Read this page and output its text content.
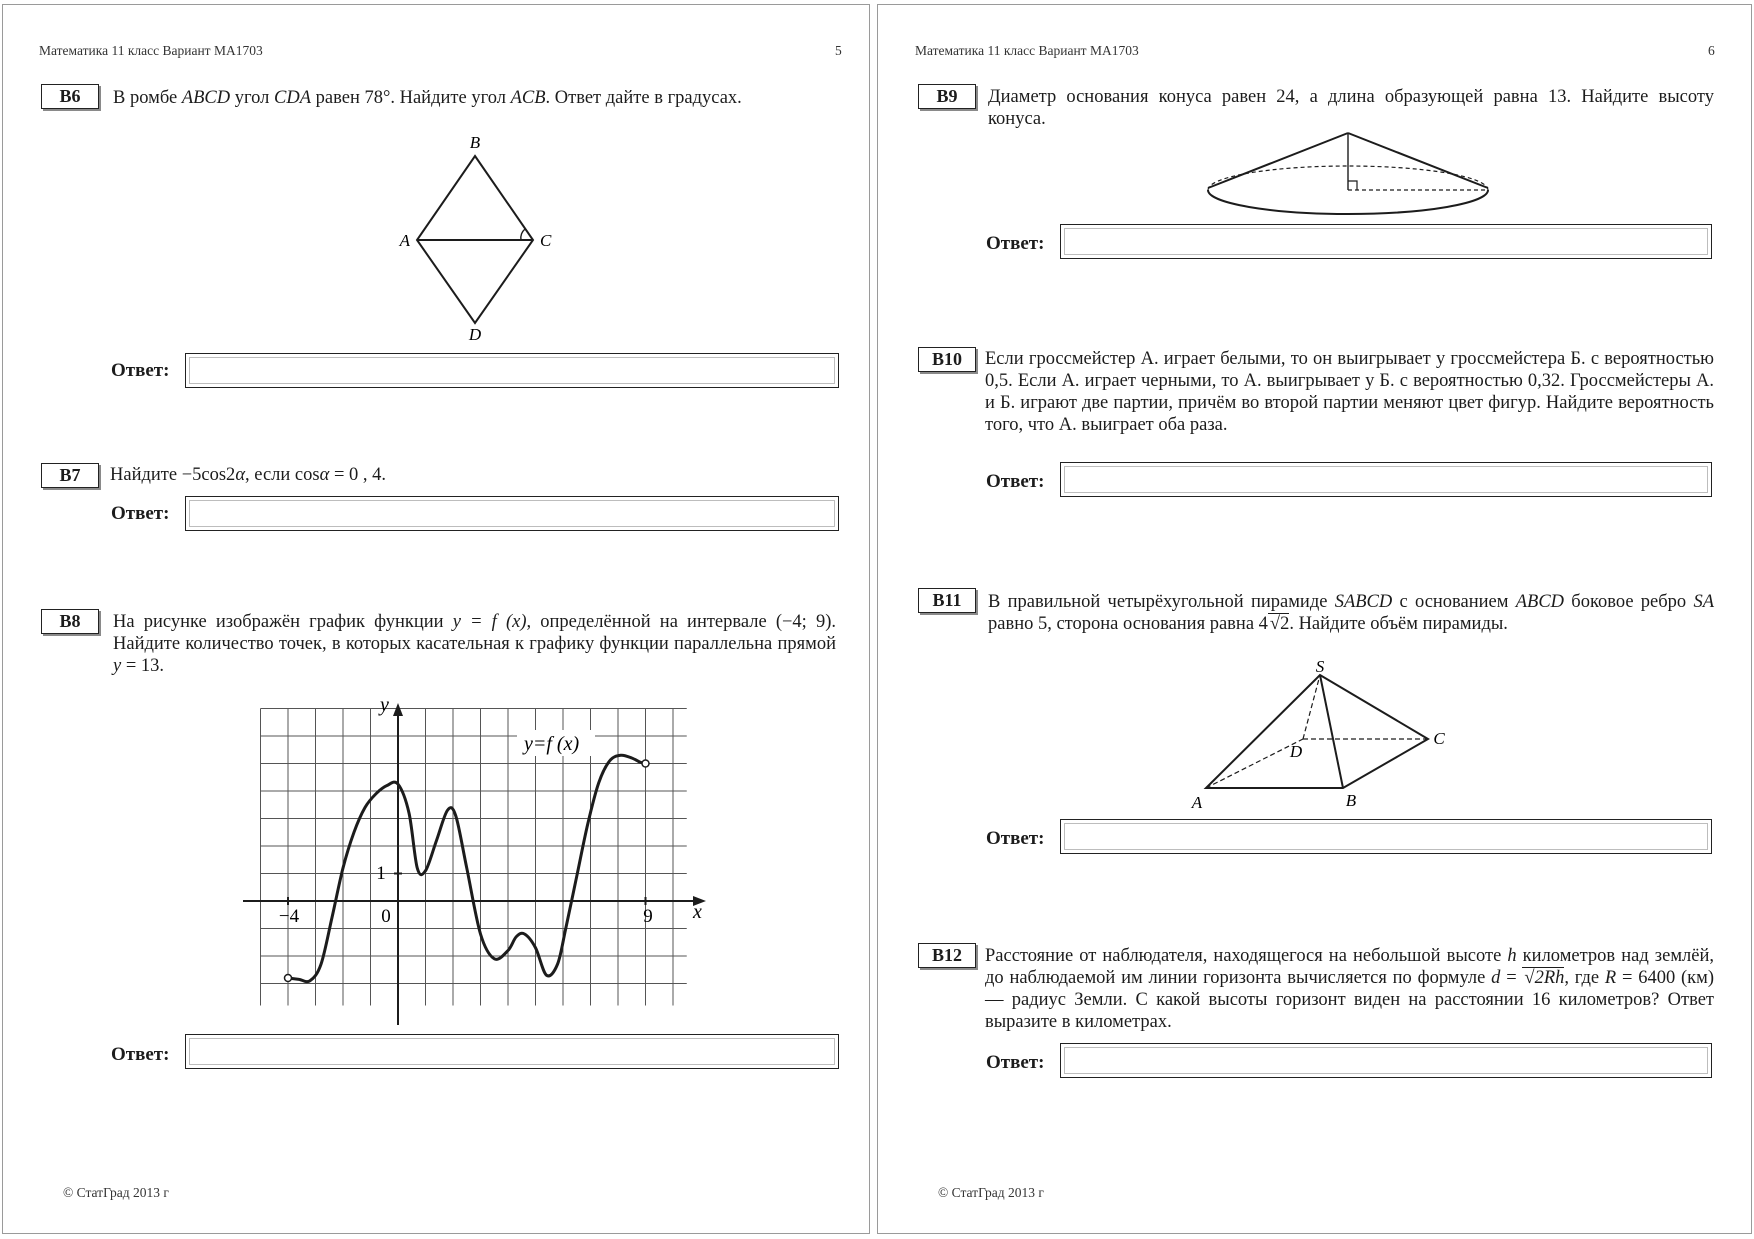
Математика 11 класс Вариант МА1703	5
B6	В ромбе ABCD угол CDA равен 78°. Найдите угол ACB. Ответ дайте в градусах.
B
A	C
D
Ответ:
B7	Найдите −5cos2α, если cosα = 0 , 4.
Ответ:
B8	На рисунке изображён график функции y = f (x), определённой на интервале (−4; 9). Найдите количество точек, в которых касательная к графику функции параллельна прямой y = 13.
x
y
−4	0	9
1
y=f (x)
Ответ:
© СтатГрад 2013 г
Математика 11 класс Вариант МА1703	6
B9	Диаметр основания конуса равен 24, а длина образующей равна 13. Найдите высоту конуса.
Ответ:
B10	Если гроссмейстер А. играет белыми, то он выигрывает у гроссмейстера Б. с вероятностью 0,5. Если А. играет черными, то А. выигрывает у Б. с вероятностью 0,32. Гроссмейстеры А. и Б. играют две партии, причём во второй партии меняют цвет фигур. Найдите вероятность того, что А. выиграет оба раза.
Ответ:
B11	В правильной четырёхугольной пирамиде SABCD с основанием ABCD боковое ребро SA равно 5, сторона основания равна 4 √2. Найдите объём пирамиды.
S
A	B
C
D
Ответ:
B12	Расстояние от наблюдателя, находящегося на небольшой высоте h километров над землёй, до наблюдаемой им линии горизонта вычисляется по формуле d = √2Rh, где R = 6400 (км) — радиус Земли. С какой высоты горизонт виден на расстоянии 16 километров? Ответ выразите в километрах.
Ответ:
© СтатГрад 2013 г
